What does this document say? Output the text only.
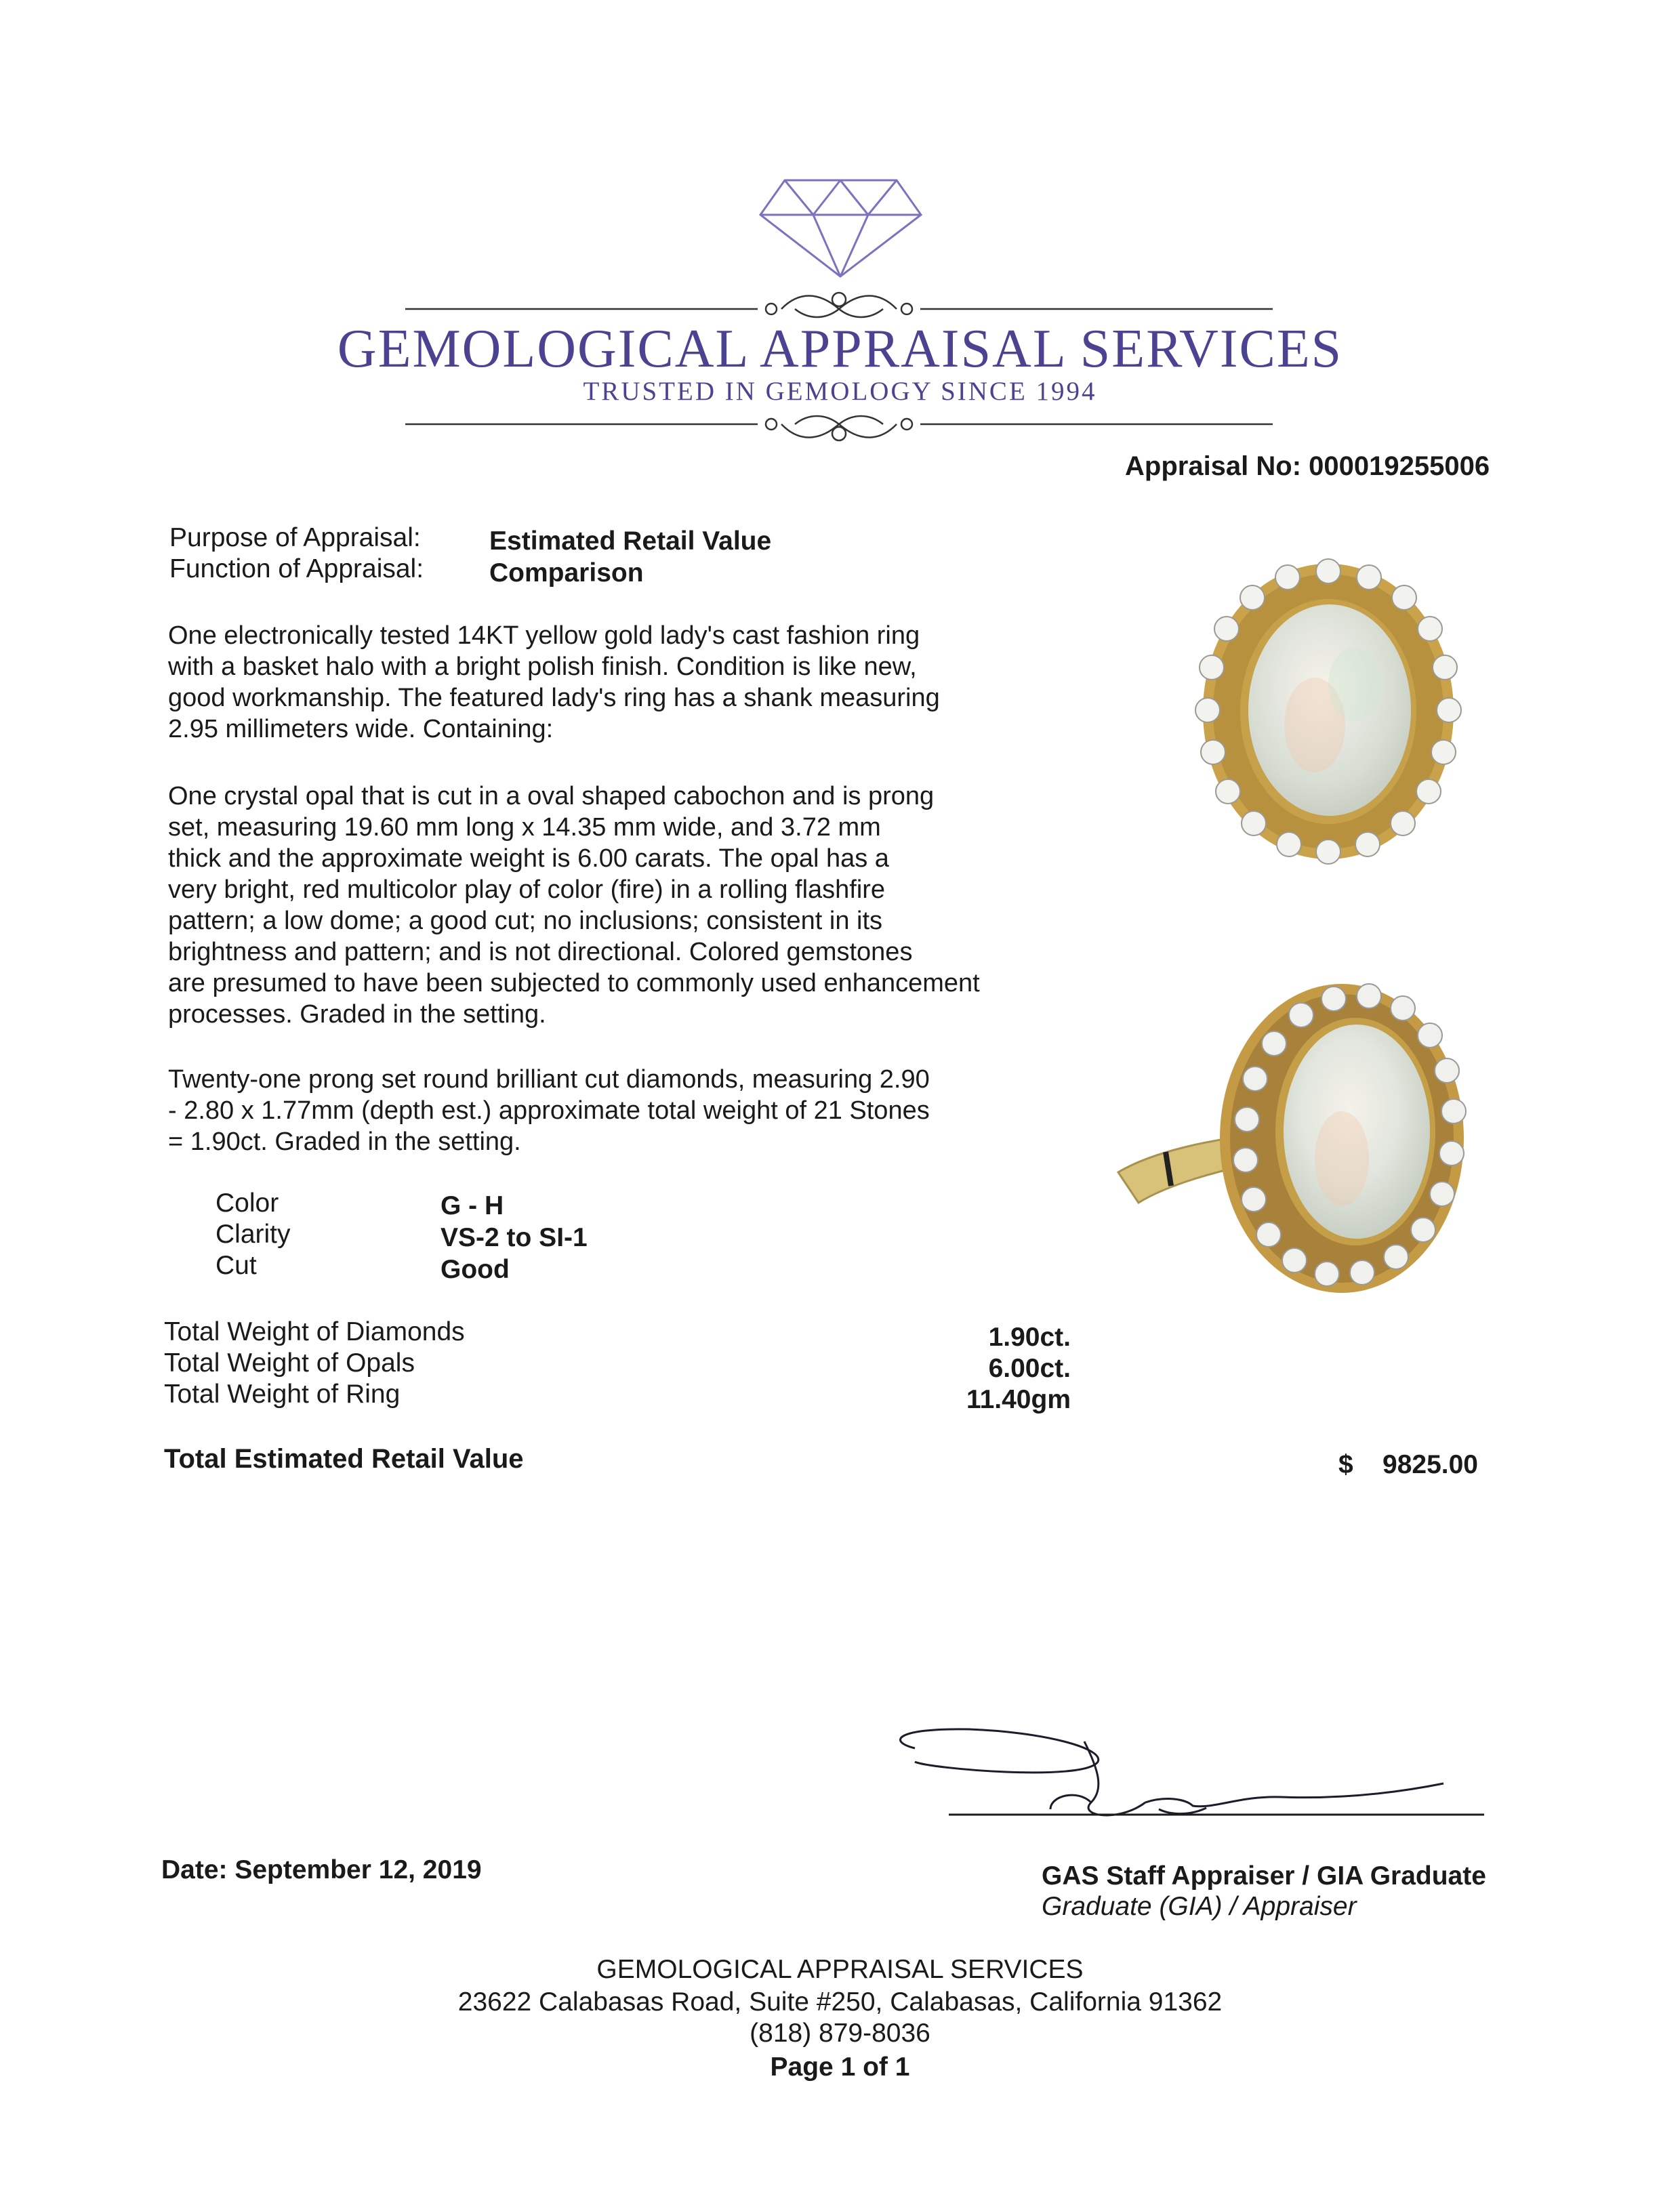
GEMOLOGICAL APPRAISAL SERVICES
TRUSTED IN GEMOLOGY SINCE 1994
Appraisal No: 000019255006
Purpose of Appraisal:	Estimated Retail Value
Function of Appraisal: Comparison
One electronically tested 14KT yellow gold lady's cast fashion ring
with a basket halo with a bright polish finish. Condition is like new,
good workmanship. The featured lady's ring has a shank measuring
2.95 millimeters wide. Containing:
One crystal opal that is cut in a oval shaped cabochon and is prong
set, measuring 19.60 mm long x 14.35 mm wide, and 3.72 mm
thick and the approximate weight is 6.00 carats. The opal has a
very bright, red multicolor play of color (fire) in a rolling flashfire
pattern; a low dome; a good cut; no inclusions; consistent in its
brightness and pattern; and is not directional. Colored gemstones
are presumed to have been subjected to commonly used enhancement
processes. Graded in the setting.
Twenty-one prong set round brilliant cut diamonds, measuring 2.90
- 2.80 x 1.77mm (depth est.) approximate total weight of 21 Stones
= 1.90ct. Graded in the setting.
Color	G - H
Clarity	VS-2 to SI-1
Cut	Good
Total Weight of Diamonds	1.90ct.
Total Weight of Opals	6.00ct.
Total Weight of Ring	11.40gm
Total Estimated Retail Value	$ 9825.00
Date: September 12, 2019	GAS Staff Appraiser / GIA Graduate
Graduate (GIA) / Appraiser
GEMOLOGICAL APPRAISAL SERVICES
23622 Calabasas Road, Suite #250, Calabasas, California 91362
(818) 879-8036
Page 1 of 1
